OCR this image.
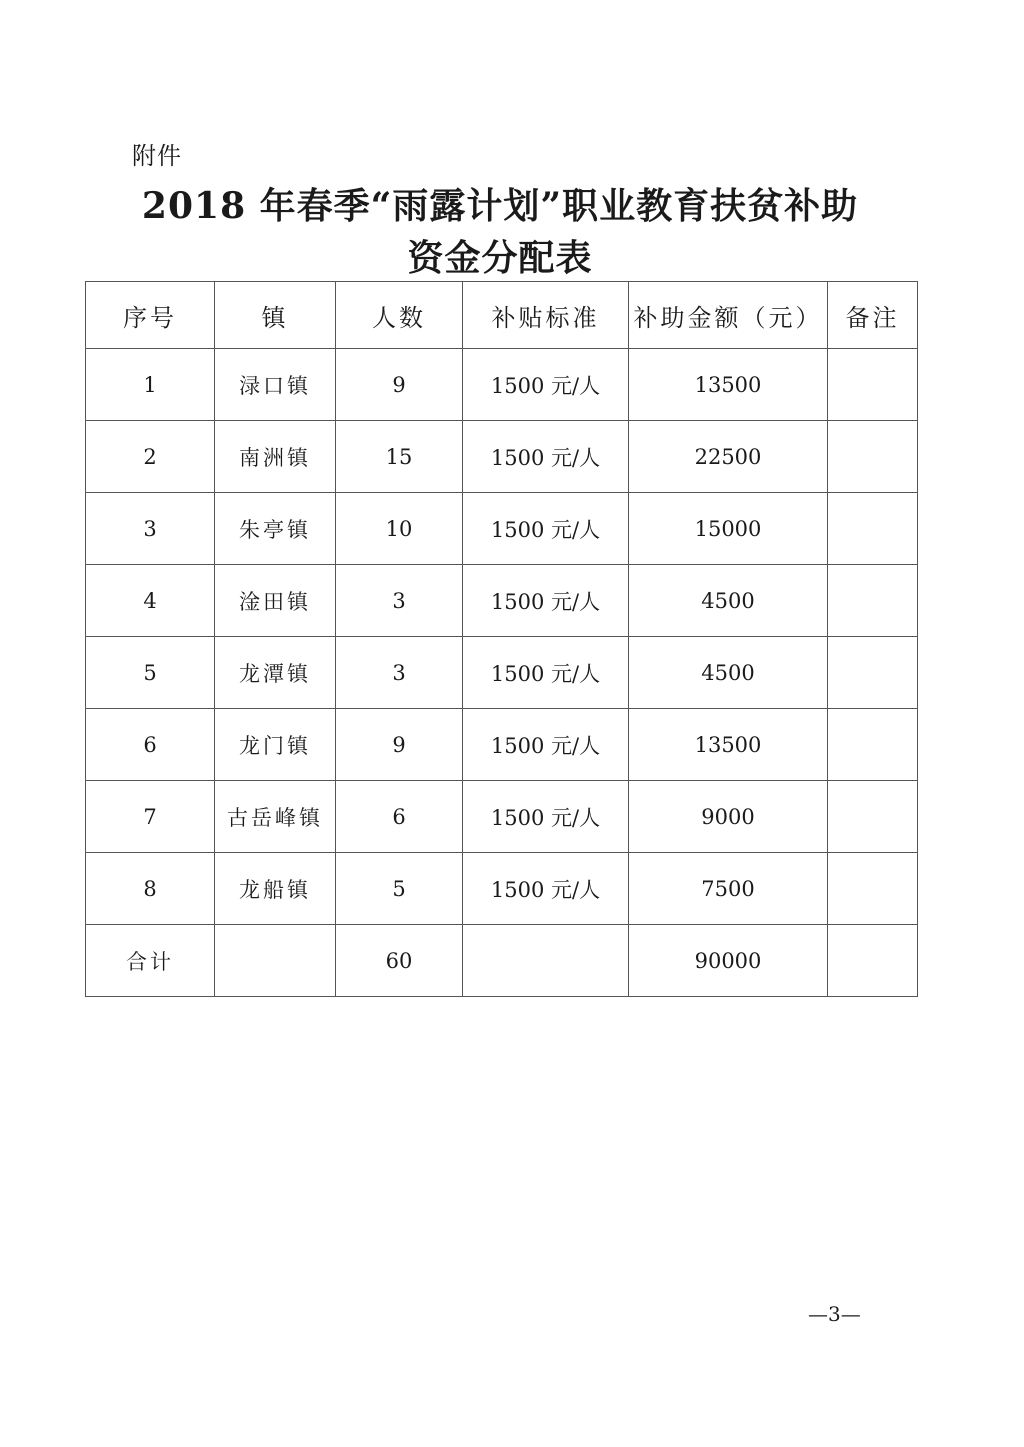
附件
2018 年春季“雨露计划”职业教育扶贫补助
资金分配表
序号	镇	人数	补贴标准	补助金额（元）	备注
1	渌口镇	9	1500 元/人	13500	
2	南洲镇	15	1500 元/人	22500	
3	朱亭镇	10	1500 元/人	15000	
4	淦田镇	3	1500 元/人	4500	
5	龙潭镇	3	1500 元/人	4500	
6	龙门镇	9	1500 元/人	13500	
7	古岳峰镇	6	1500 元/人	9000	
8	龙船镇	5	1500 元/人	7500	
合计		60		90000	
—3—
